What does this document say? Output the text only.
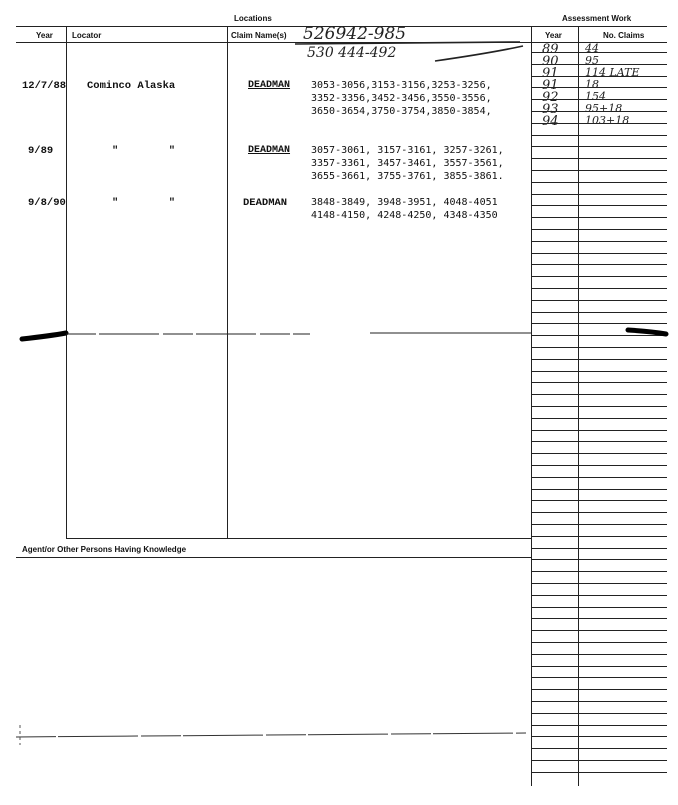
Locations	Assessment Work
Year Locator	Claim Name(s)	Year	No. Claims
526942-985
530 444-492	89 44
90 95
91 114 LATE
91 18
92 154
93 95+18
94 103+18
12/7/88 Cominco Alaska	DEADMAN 3053-3056,3153-3156,3253-3256,
3352-3356,3452-3456,3550-3556,
3650-3654,3750-3754,3850-3854,
9/89	"        "	DEADMAN 3057-3061, 3157-3161, 3257-3261,
3357-3361, 3457-3461, 3557-3561,
3655-3661, 3755-3761, 3855-3861.
9/8/90	"        "	DEADMAN 3848-3849, 3948-3951, 4048-4051
4148-4150, 4248-4250, 4348-4350
Agent/or Other Persons Having Knowledge
